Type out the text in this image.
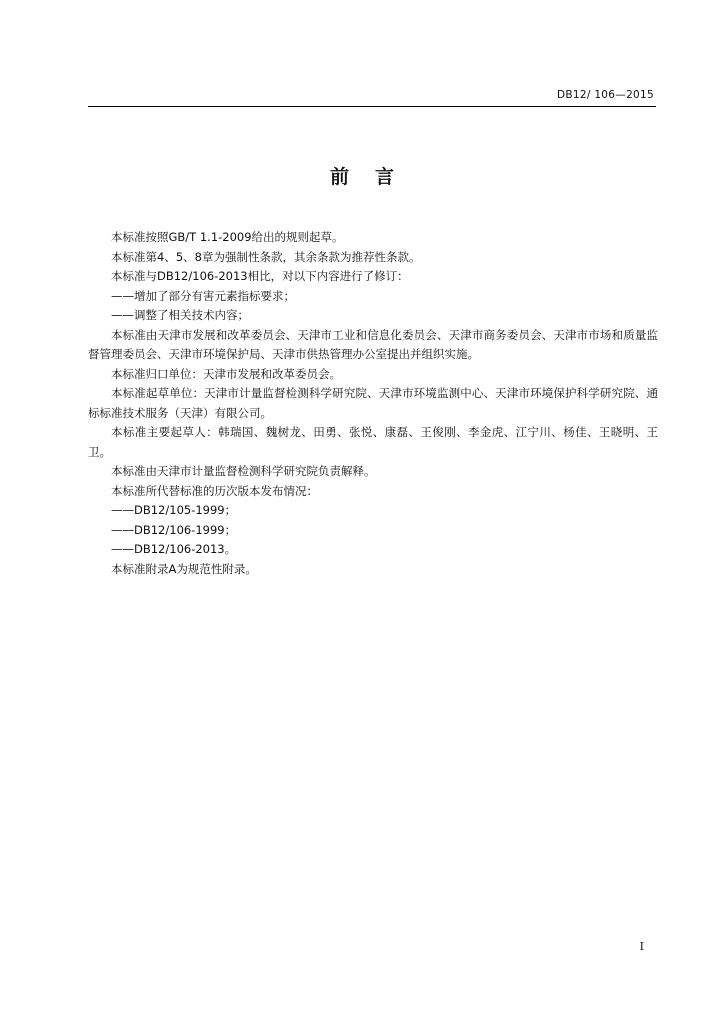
DB12/ 106—2015
前言

本标准按照GB/T 1.1-2009给出的规则起草。

本标准第4、5、8章为强制性条款，其余条款为推荐性条款。

本标准与DB12/106-2013相比，对以下内容进行了修订：

——增加了部分有害元素指标要求；

——调整了相关技术内容；

本标准由天津市发展和改革委员会、天津市工业和信息化委员会、天津市商务委员会、天津市市场和质量监督管理委员会、天津市环境保护局、天津市供热管理办公室提出并组织实施。

本标准归口单位：天津市发展和改革委员会。

本标准起草单位：天津市计量监督检测科学研究院、天津市环境监测中心、天津市环境保护科学研究院、通标标准技术服务（天津）有限公司。

本标准主要起草人：韩瑞国、魏树龙、田勇、张悦、康磊、王俊刚、李金虎、江宁川、杨佳、王晓明、王卫。

本标准由天津市计量监督检测科学研究院负责解释。

本标准所代替标准的历次版本发布情况：

——DB12/105-1999；

——DB12/106-1999；

——DB12/106-2013。

本标准附录A为规范性附录。

I
